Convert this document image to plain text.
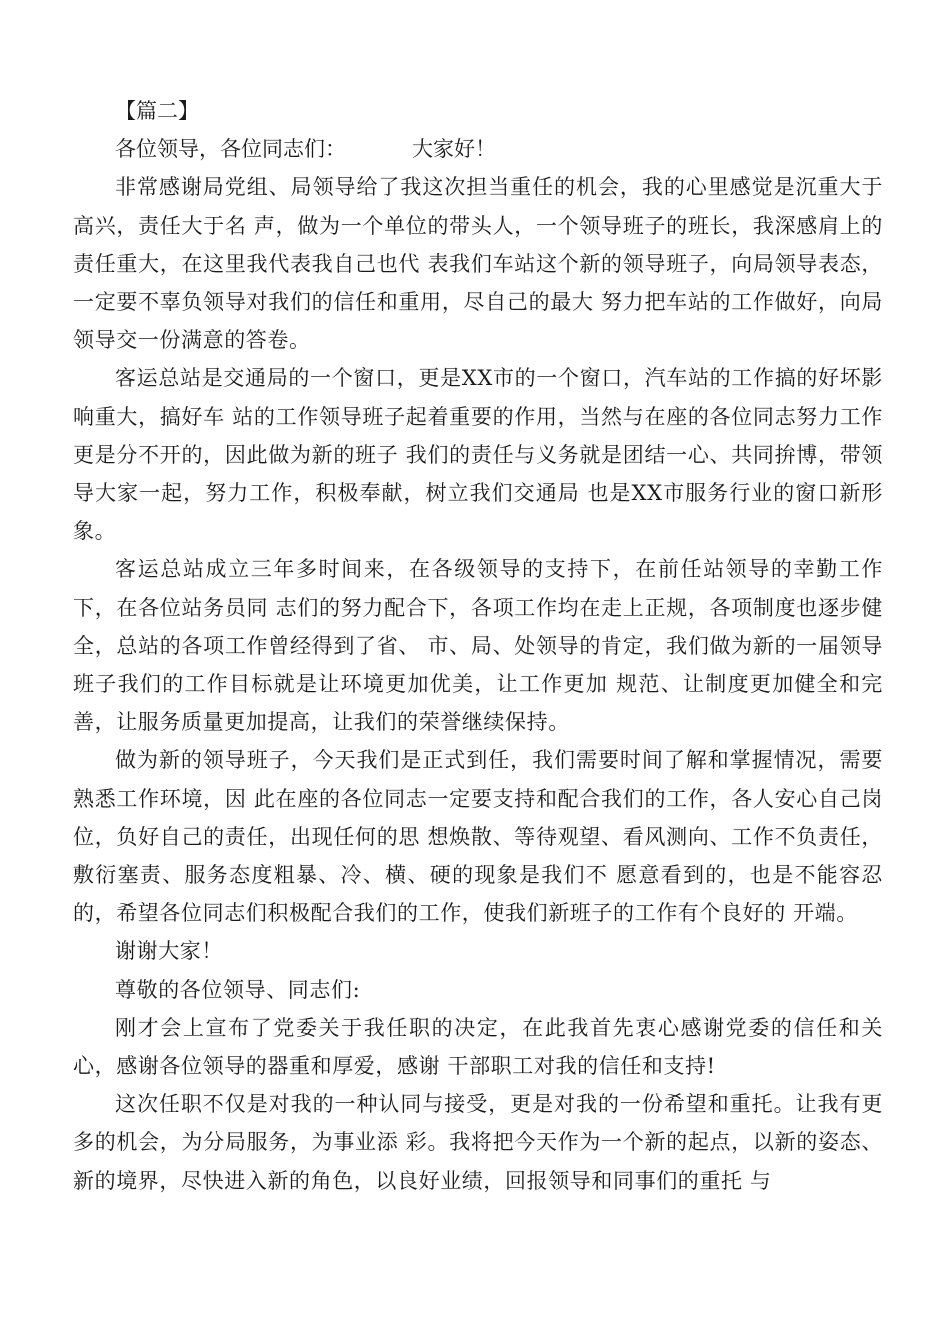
【篇二】

各位领导，各位同志们：	大家好！

非常感谢局党组、局领导给了我这次担当重任的机会，我的心里感觉是沉重大于高兴，责任大于名 声，做为一个单位的带头人，一个领导班子的班长，我深感肩上的责任重大，在这里我代表我自己也代 表我们车站这个新的领导班子，向局领导表态，一定要不辜负领导对我们的信任和重用，尽自己的最大 努力把车站的工作做好，向局领导交一份满意的答卷。

客运总站是交通局的一个窗口，更是XX市的一个窗口，汽车站的工作搞的好坏影响重大，搞好车 站的工作领导班子起着重要的作用，当然与在座的各位同志努力工作更是分不开的，因此做为新的班子 我们的责任与义务就是团结一心、共同拚博，带领导大家一起，努力工作，积极奉献，树立我们交通局 也是XX市服务行业的窗口新形象。

客运总站成立三年多时间来，在各级领导的支持下，在前任站领导的幸勤工作下，在各位站务员同 志们的努力配合下，各项工作均在走上正规，各项制度也逐步健全，总站的各项工作曾经得到了省、 市、局、处领导的肯定，我们做为新的一届领导班子我们的工作目标就是让环境更加优美，让工作更加 规范、让制度更加健全和完善，让服务质量更加提高，让我们的荣誉继续保持。

做为新的领导班子，今天我们是正式到任，我们需要时间了解和掌握情况，需要熟悉工作环境，因 此在座的各位同志一定要支持和配合我们的工作，各人安心自己岗位，负好自己的责任，出现任何的思 想焕散、等待观望、看风测向、工作不负责任，敷衍塞责、服务态度粗暴、冷、横、硬的现象是我们不 愿意看到的，也是不能容忍的，希望各位同志们积极配合我们的工作，使我们新班子的工作有个良好的 开端。

谢谢大家！

尊敬的各位领导、同志们:

刚才会上宣布了党委关于我任职的决定，在此我首先衷心感谢党委的信任和关心，感谢各位领导的器重和厚爱，感谢 干部职工对我的信任和支持!

这次任职不仅是对我的一种认同与接受，更是对我的一份希望和重托。让我有更多的机会，为分局服务，为事业添 彩。我将把今天作为一个新的起点，以新的姿态、新的境界，尽快进入新的角色，以良好业绩，回报领导和同事们的重托 与
